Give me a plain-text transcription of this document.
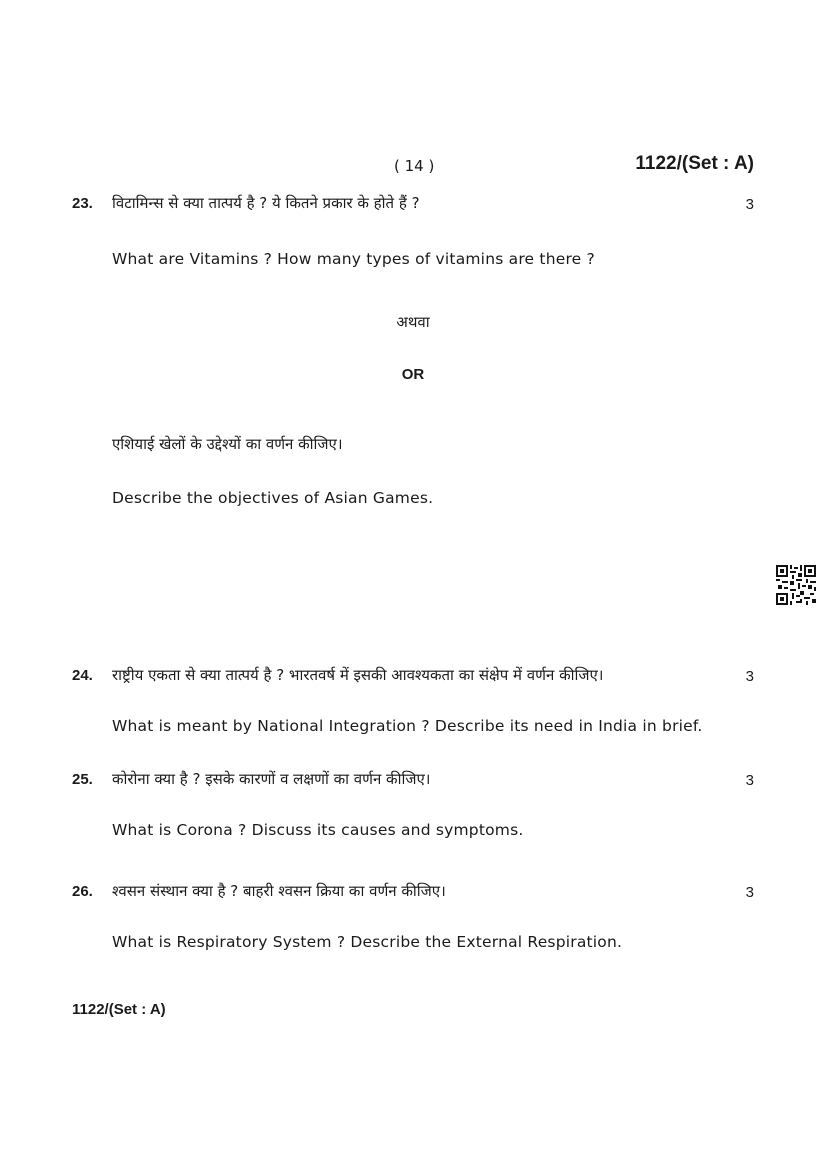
( 14 )	1122/(Set : A)
23. विटामिन्स से क्या तात्पर्य है ? ये कितने प्रकार के होते हैं ?	3
What are Vitamins ? How many types of vitamins are there ?
अथवा
OR
एशियाई खेलों के उद्देश्यों का वर्णन कीजिए।
Describe the objectives of Asian Games.
24. राष्ट्रीय एकता से क्या तात्पर्य है ? भारतवर्ष में इसकी आवश्यकता का संक्षेप में वर्णन कीजिए।	3
What is meant by National Integration ? Describe its need in India in brief.
25. कोरोना क्या है ? इसके कारणों व लक्षणों का वर्णन कीजिए।	3
What is Corona ? Discuss its causes and symptoms.
26. श्वसन संस्थान क्या है ? बाहरी श्वसन क्रिया का वर्णन कीजिए।	3
What is Respiratory System ? Describe the External Respiration.
1122/(Set : A)
